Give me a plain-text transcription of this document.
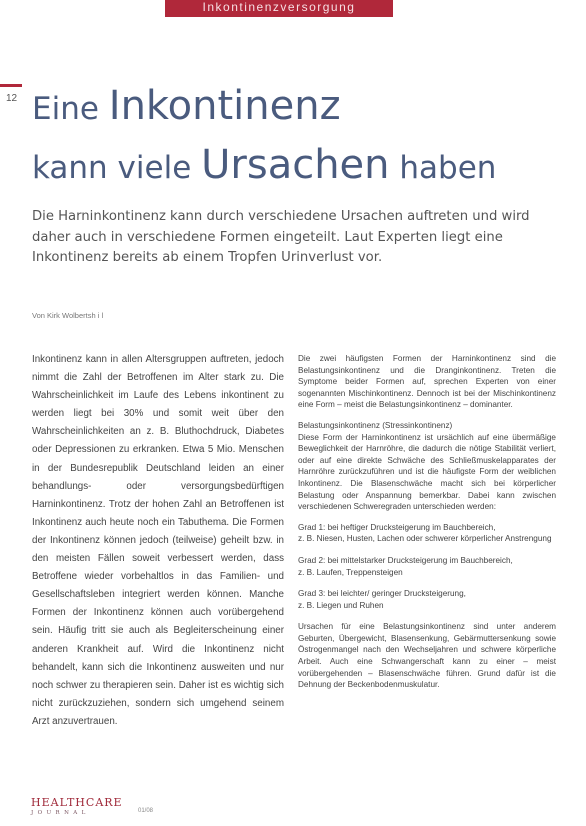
Inkontinenzversorgung
12 Eine Inkontinenz
kann viele Ursachen haben

Die Harninkontinenz kann durch verschiedene Ursachen auftreten und wird daher auch in verschiedene Formen eingeteilt. Laut Experten liegt eine Inkontinenz bereits ab einem Tropfen Urinverlust vor.

Von Kirk Wolbertsh i l

Inkontinenz kann in allen Altersgruppen auftreten, jedoch nimmt die Zahl der Betroffenen im Alter stark zu. Die Wahrscheinlichkeit im Laufe des Lebens inkontinent zu werden liegt bei 30% und somit weit über den Wahrscheinlichkeiten an z. B. Bluthochdruck, Diabetes oder Depressionen zu erkranken. Etwa 5 Mio. Menschen in der Bundesrepublik Deutschland leiden an einer behandlungs- oder versorgungsbedürftigen Harninkontinenz. Trotz der hohen Zahl an Betroffenen ist Inkontinenz auch heute noch ein Tabuthema. Die Formen der Inkontinenz können jedoch (teilweise) geheilt bzw. in den meisten Fällen soweit verbessert werden, dass Betroffene wieder vorbehaltlos in das Familien- und Gesellschaftsleben integriert werden können. Manche Formen der Inkontinenz können auch vorübergehend sein. Häufig tritt sie auch als Begleiterscheinung einer anderen Krankheit auf. Wird die Inkontinenz nicht behandelt, kann sich die Inkontinenz ausweiten und nur noch schwer zu therapieren sein. Daher ist es wichtig sich nicht zurückzuziehen, sondern sich umgehend seinem Arzt anzuvertrauen.

Die zwei häufigsten Formen der Harninkontinenz sind die Belastungsinkontinenz und die Dranginkontinenz. Treten die Symptome beider Formen auf, sprechen Experten von einer sogenannten Mischinkontinenz. Dennoch ist bei der Mischinkontinenz eine Form – meist die Belastungsinkontinenz – dominanter.

Belastungsinkontinenz (Stressinkontinenz)

Diese Form der Harninkontinenz ist ursächlich auf eine übermäßige Beweglichkeit der Harnröhre, die dadurch die nötige Stabilität verliert, oder auf eine direkte Schwäche des Schließmuskelapparates der Harnröhre zurückzuführen und ist die häufigste Form der weiblichen Inkontinenz. Die Blasenschwäche macht sich bei körperlicher Belastung oder Anspannung bemerkbar. Dabei kann zwischen verschiedenen Schweregraden unterschieden werden:

Grad 1: bei heftiger Drucksteigerung im Bauchbereich,
z. B. Niesen, Husten, Lachen oder schwerer körperlicher Anstrengung
Grad 2: bei mittelstarker Drucksteigerung im Bauchbereich,
z. B. Laufen, Treppensteigen
Grad 3: bei leichter/ geringer Drucksteigerung,
z. B. Liegen und Ruhen

Ursachen für eine Belastungsinkontinenz sind unter anderem Geburten, Übergewicht, Blasensenkung, Gebärmuttersenkung sowie Östrogenmangel nach den Wechseljahren und schwere körperliche Arbeit. Auch eine Schwangerschaft kann zu einer – meist vorübergehenden – Blasenschwäche führen. Grund dafür ist die Dehnung der Beckenbodenmuskulatur.

HEALTHCARE
JOURNAL	01/08
